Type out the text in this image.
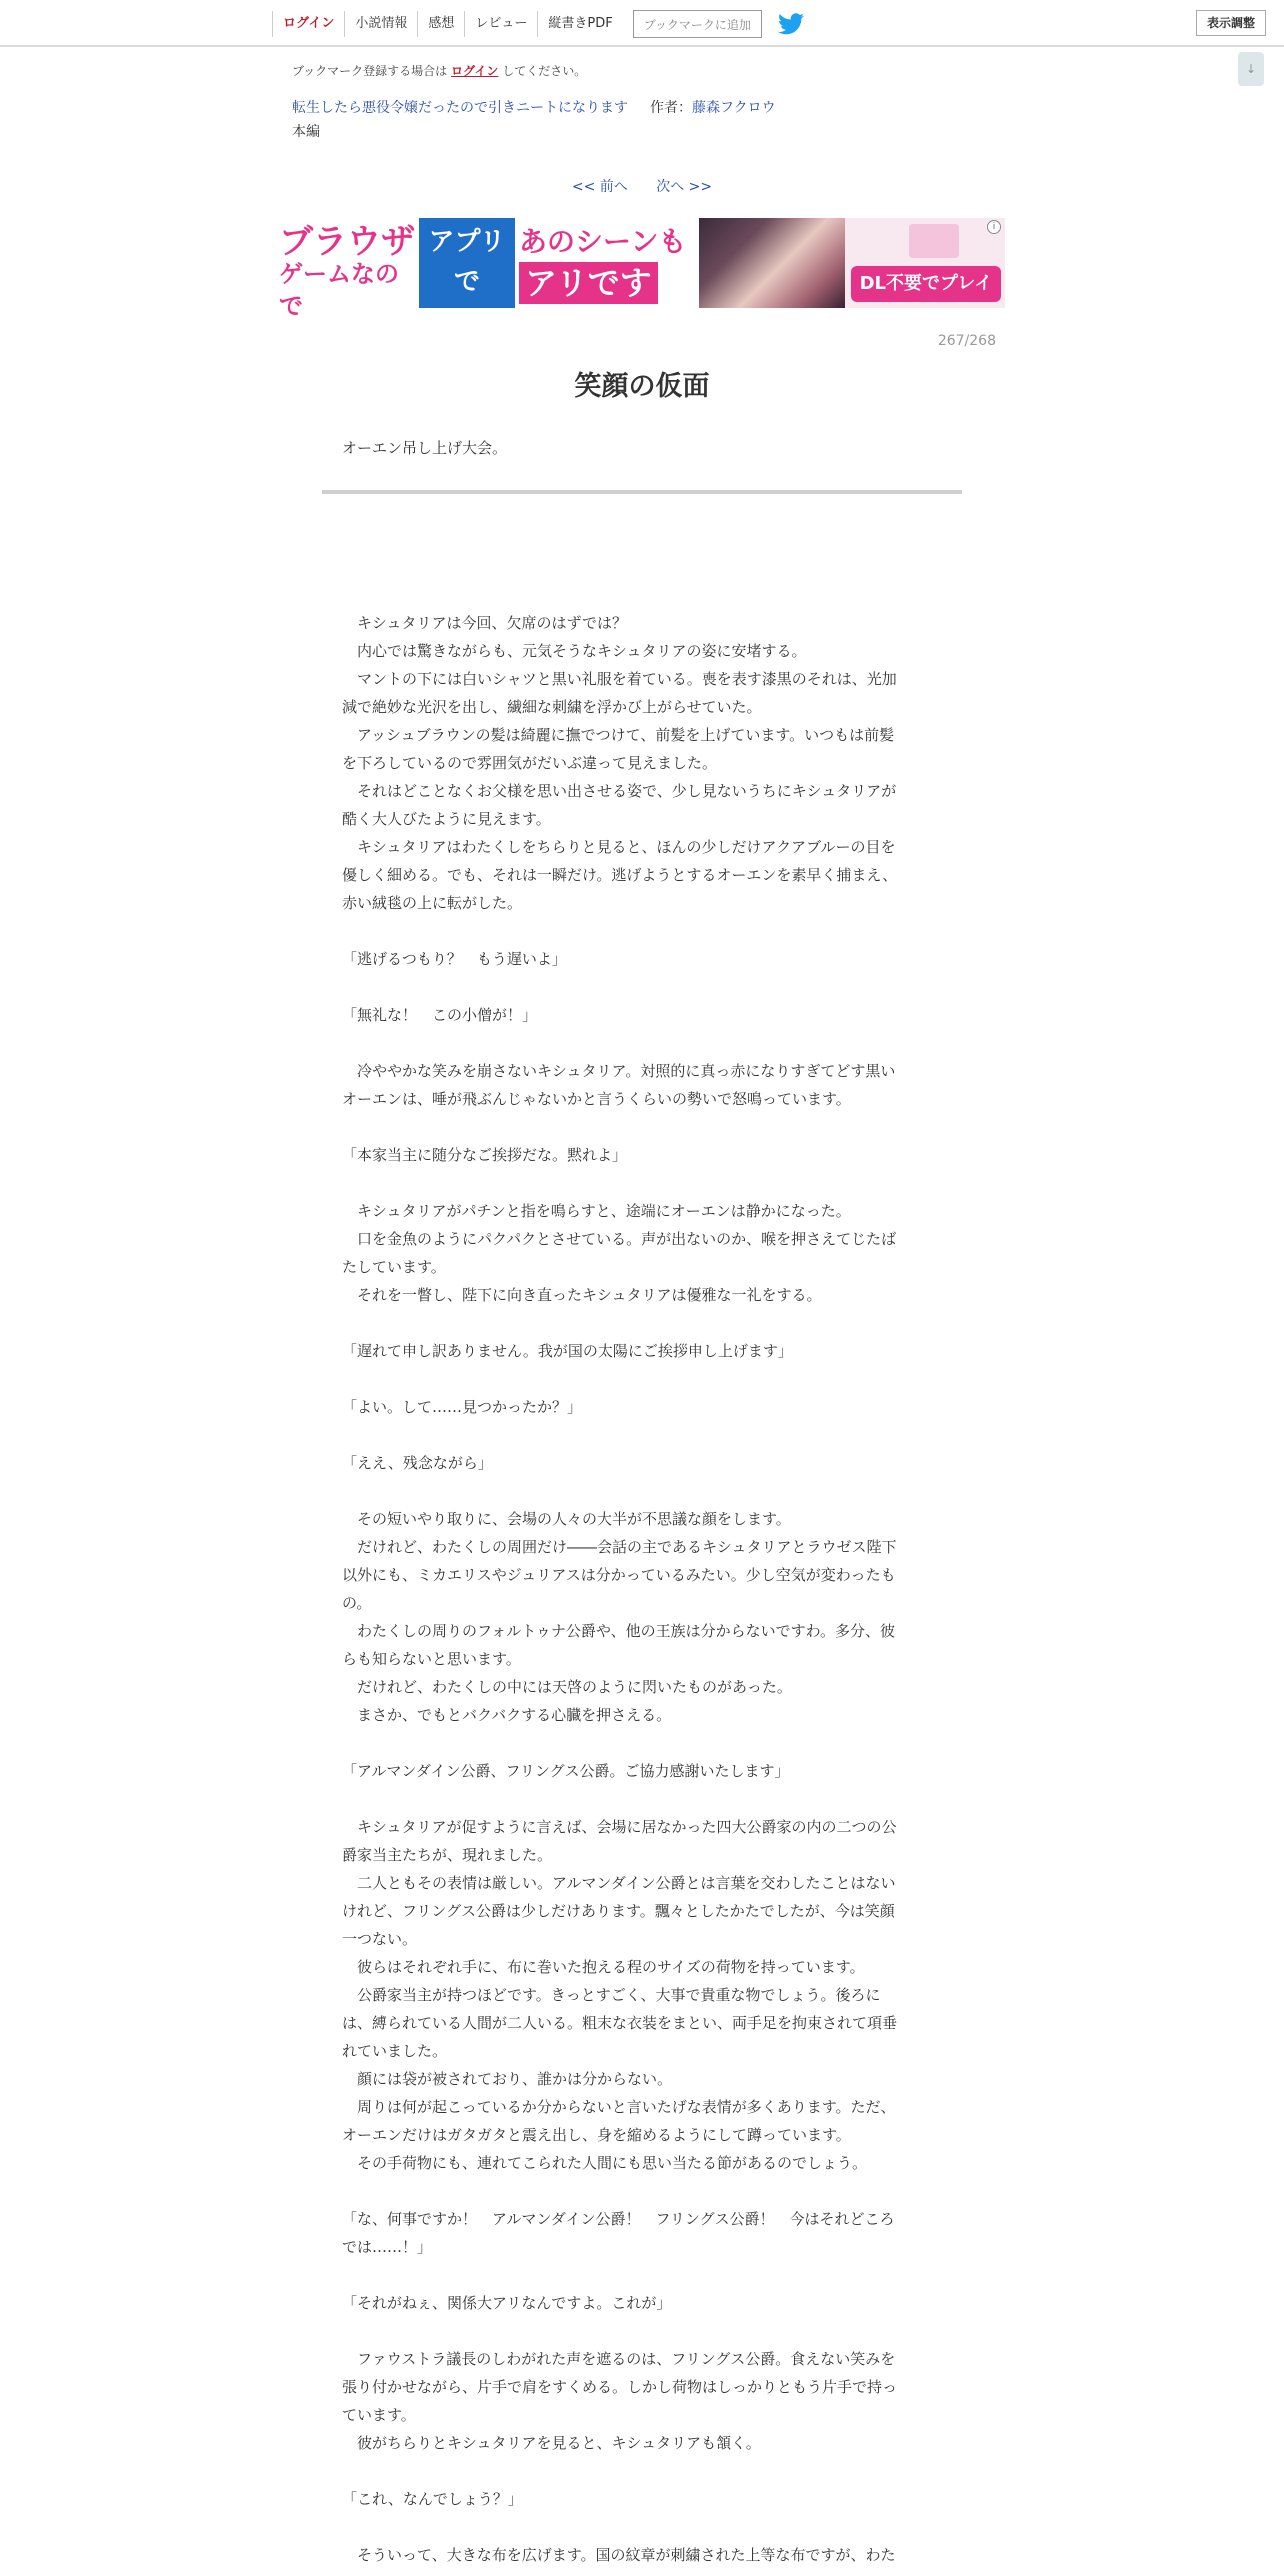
ログイン	小説情報	感想	レビュー	縦書きPDF	ブックマークに追加	表示調整
↓
ブックマーク登録する場合は ログイン してください。
転生したら悪役令嬢だったので引きニートになります 作者：藤森フクロウ
本編
<< 前へ 次へ >>
ブラウザ
ゲームなので
アプリで
NGの
あのシーンも
アリです	DL不要でプレイ
i
267/268
笑顔の仮面
オーエン吊し上げ大会。

　キシュタリアは今回、欠席のはずでは？

　内心では驚きながらも、元気そうなキシュタリアの姿に安堵する。

　マントの下には白いシャツと黒い礼服を着ている。喪を表す漆黒のそれは、光加

減で絶妙な光沢を出し、繊細な刺繍を浮かび上がらせていた。

　アッシュブラウンの髪は綺麗に撫でつけて、前髪を上げています。いつもは前髪

を下ろしているので雰囲気がだいぶ違って見えました。

　それはどことなくお父様を思い出させる姿で、少し見ないうちにキシュタリアが

酷く大人びたように見えます。

　キシュタリアはわたくしをちらりと見ると、ほんの少しだけアクアブルーの目を

優しく細める。でも、それは一瞬だけ。逃げようとするオーエンを素早く捕まえ、

赤い絨毯の上に転がした。

「逃げるつもり？　もう遅いよ」

「無礼な！　この小僧が！」

　冷ややかな笑みを崩さないキシュタリア。対照的に真っ赤になりすぎてどす黒い

オーエンは、唾が飛ぶんじゃないかと言うくらいの勢いで怒鳴っています。

「本家当主に随分なご挨拶だな。黙れよ」

　キシュタリアがパチンと指を鳴らすと、途端にオーエンは静かになった。

　口を金魚のようにパクパクとさせている。声が出ないのか、喉を押さえてじたば

たしています。

　それを一瞥し、陛下に向き直ったキシュタリアは優雅な一礼をする。

「遅れて申し訳ありません。我が国の太陽にご挨拶申し上げます」

「よい。して……見つかったか？」

「ええ、残念ながら」

　その短いやり取りに、会場の人々の大半が不思議な顔をします。

　だけれど、わたくしの周囲だけ――会話の主であるキシュタリアとラウゼス陛下

以外にも、ミカエリスやジュリアスは分かっているみたい。少し空気が変わったも

の。

　わたくしの周りのフォルトゥナ公爵や、他の王族は分からないですわ。多分、彼

らも知らないと思います。

　だけれど、わたくしの中には天啓のように閃いたものがあった。

　まさか、でもとバクバクする心臓を押さえる。

「アルマンダイン公爵、フリングス公爵。ご協力感謝いたします」

　キシュタリアが促すように言えば、会場に居なかった四大公爵家の内の二つの公

爵家当主たちが、現れました。

　二人ともその表情は厳しい。アルマンダイン公爵とは言葉を交わしたことはない

けれど、フリングス公爵は少しだけあります。飄々としたかたでしたが、今は笑顔

一つない。

　彼らはそれぞれ手に、布に巻いた抱える程のサイズの荷物を持っています。

　公爵家当主が持つほどです。きっとすごく、大事で貴重な物でしょう。後ろに

は、縛られている人間が二人いる。粗末な衣装をまとい、両手足を拘束されて項垂

れていました。

　顔には袋が被されており、誰かは分からない。

　周りは何が起こっているか分からないと言いたげな表情が多くあります。ただ、

オーエンだけはガタガタと震え出し、身を縮めるようにして蹲っています。

　その手荷物にも、連れてこられた人間にも思い当たる節があるのでしょう。

「な、何事ですか！　アルマンダイン公爵！　フリングス公爵！　今はそれどころ

では……！」

「それがねぇ、関係大アリなんですよ。これが」

　ファウストラ議長のしわがれた声を遮るのは、フリングス公爵。食えない笑みを

張り付かせながら、片手で肩をすくめる。しかし荷物はしっかりともう片手で持っ

ています。

　彼がちらりとキシュタリアを見ると、キシュタリアも頷く。

「これ、なんでしょう？」

　そういって、大きな布を広げます。国の紋章が刺繍された上等な布ですが、わた
